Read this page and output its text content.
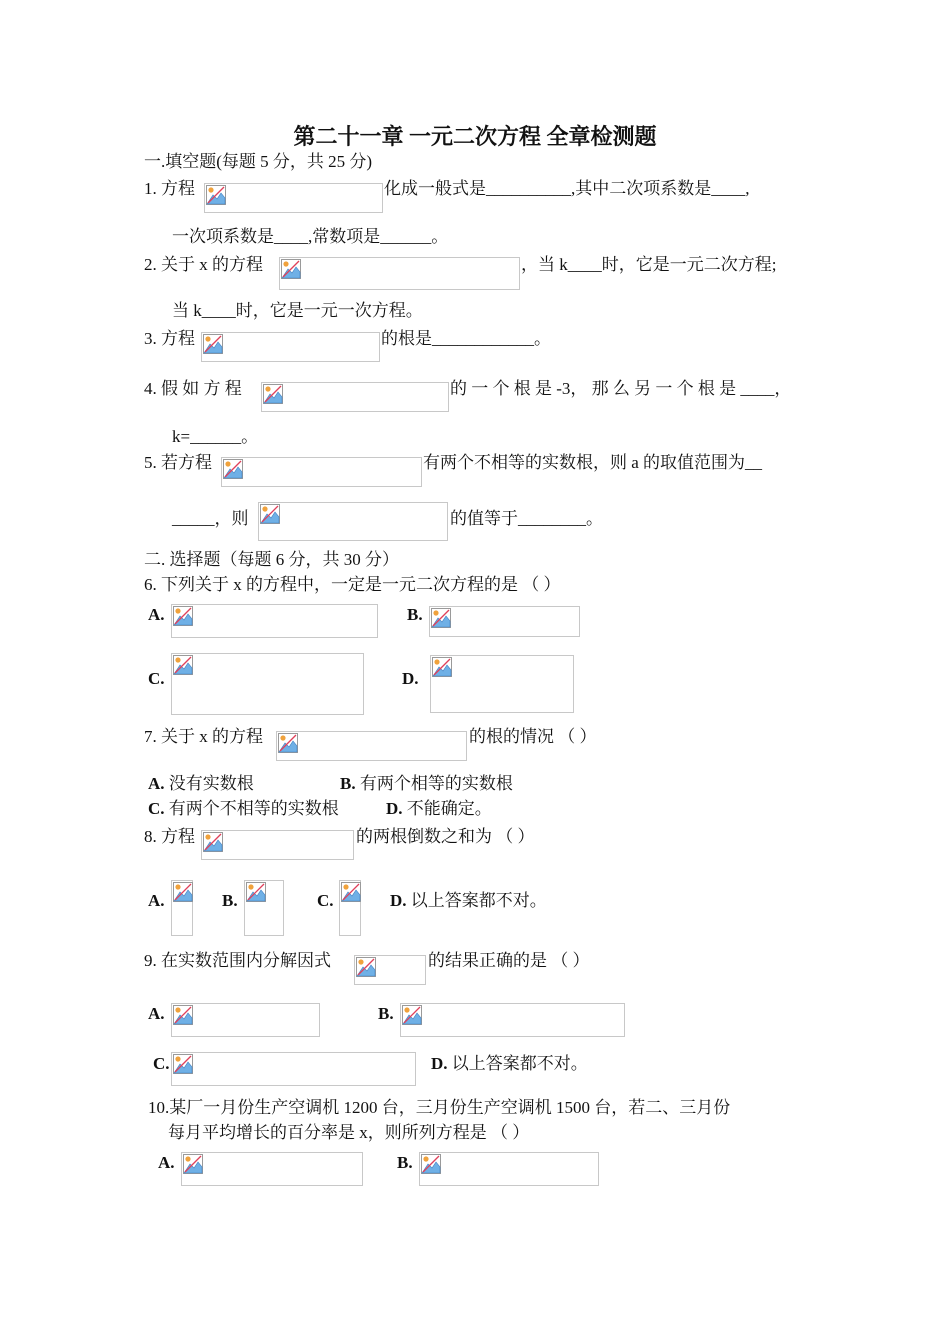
第二十一章 一元二次方程 全章检测题
一.填空题(每题 5 分，共 25 分)
1. 方程	化成一般式是__________,其中二次项系数是____,
一次项系数是____,常数项是______。
2. 关于 x 的方程	，当 k____时，它是一元二次方程;
当 k____时，它是一元一次方程。
3. 方程	的根是____________。
4. 假 如 方 程	的 一 个 根 是 -3， 那 么 另 一 个 根 是 ____，
k=______。
5. 若方程	有两个不相等的实数根，则 a 的取值范围为__
_____，则	的值等于________。
二. 选择题（每题 6 分，共 30 分）
6. 下列关于 x 的方程中，一定是一元二次方程的是 （ ）
A.	B.
C.	D.
7. 关于 x 的方程	的根的情况 （ ）
A. 没有实数根	B. 有两个相等的实数根
C. 有两个不相等的实数根	D. 不能确定。
8. 方程	的两根倒数之和为 （ ）
A.	B.	C.	D. 以上答案都不对。
9. 在实数范围内分解因式	的结果正确的是 （ ）
A.	B.
C.	D. 以上答案都不对。
10.某厂一月份生产空调机 1200 台，三月份生产空调机 1500 台，若二、三月份
每月平均增长的百分率是 x，则所列方程是 （ ）
A.	B.
